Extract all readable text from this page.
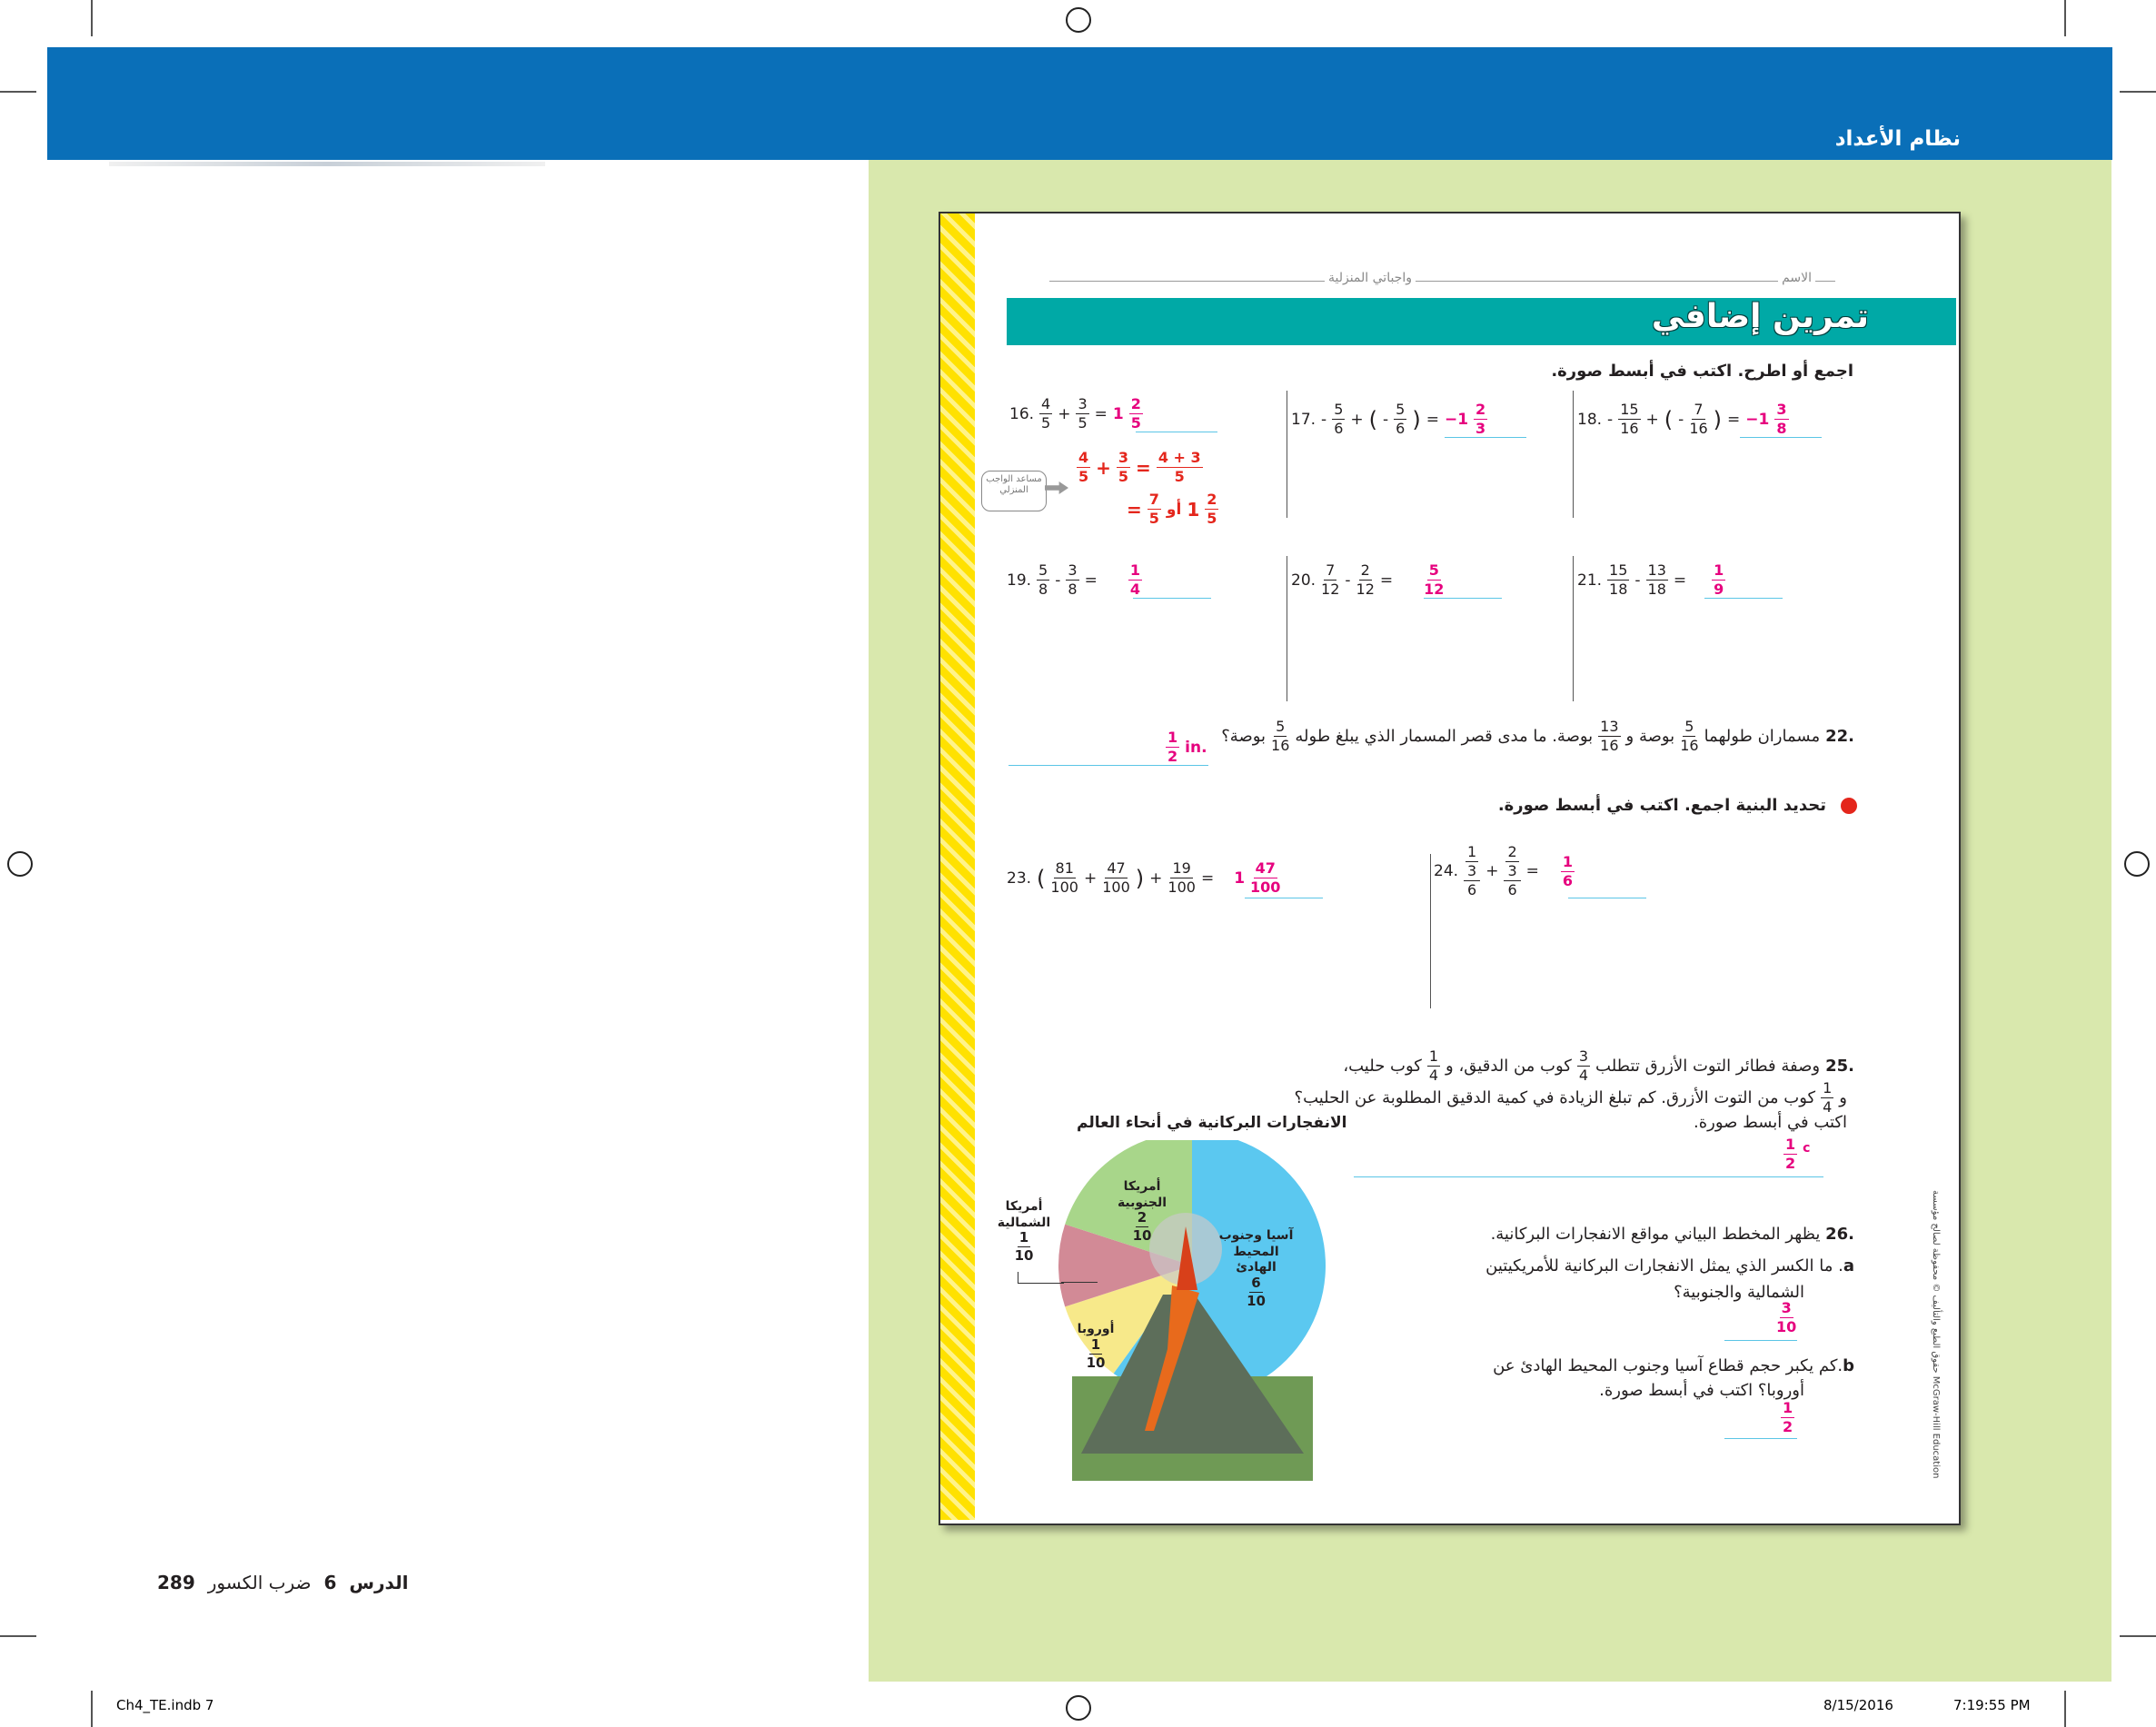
نظام الأعداد
الاسم
واجباتي المنزلية
تمرين إضافي
اجمع أو اطرح. اكتب في أبسط صورة.
16. $\frac{4}{5} + \frac{3}{5} = 1 \frac{2}{5}$
مساعد الواجب المنزلي
$\frac{4}{5} + \frac{3}{5} = \frac{4 + 3}{5}$
= $\frac{7}{5}$ أو $1 \frac{2}{5}$
17. - $\frac{5}{6}$ + ( - $\frac{5}{6}$ ) = $-1 \frac{2}{3}$	18. - $\frac{15}{16}$ + ( - $\frac{7}{16}$ ) = $-1 \frac{3}{8}$
19. $\frac{5}{8} - \frac{3}{8} = \frac{1}{4}$	20. $\frac{7}{12} - \frac{2}{12} = \frac{5}{12}$	21. $\frac{15}{18} - \frac{13}{18} = \frac{1}{9}$
.22
مسماران طولهما
$\frac{5}{16}$
بوصة و
$\frac{13}{16}$
بوصة. ما مدى قصر المسمار الذي يبلغ طوله
$\frac{5}{16}$
بوصة؟
$\frac{1}{2}$ in.
تحديد البنية اجمع. اكتب في أبسط صورة.
23. ( $\frac{81}{100} + \frac{47}{100}$ ) + $\frac{19}{100} = 1 \frac{47}{100}$	24. $\frac{\frac{1}{3}}{6} + \frac{\frac{2}{3}}{6} = \frac{1}{6}$
.25
وصفة فطائر التوت الأزرق تتطلب
$\frac{3}{4}$
كوب من الدقيق، و
$\frac{1}{4}$
كوب حليب،
و
$\frac{1}{4}$
كوب من التوت الأزرق. كم تبلغ الزيادة في كمية الدقيق المطلوبة عن الحليب؟
اكتب في أبسط صورة.
$\frac{1}{2}$ c
الانفجارات البركانية في أنحاء العالم
أمريكا الجنوبية
$\frac{2}{10}$
أمريكا الشمالية
$\frac{1}{10}$
أوروبا
$\frac{1}{10}$
آسيا وجنوب المحيط الهادئ
$\frac{6}{10}$
.26 يظهر المخطط البياني مواقع الانفجارات البركانية.
a. ما الكسر الذي يمثل الانفجارات البركانية للأمريكيتين
الشمالية والجنوبية؟
$\frac{3}{10}$
b.كم يكبر حجم قطاع آسيا وجنوب المحيط الهادئ عن
أوروبا؟ اكتب في أبسط صورة.
$\frac{1}{2}$
حقوق الطبع والتأليف © محفوظة لصالح مؤسسة McGraw-Hill Education
289 ضرب الكسور 6 الدرس
Ch4_TE.indb 7	8/15/2016	7:19:55 PM
